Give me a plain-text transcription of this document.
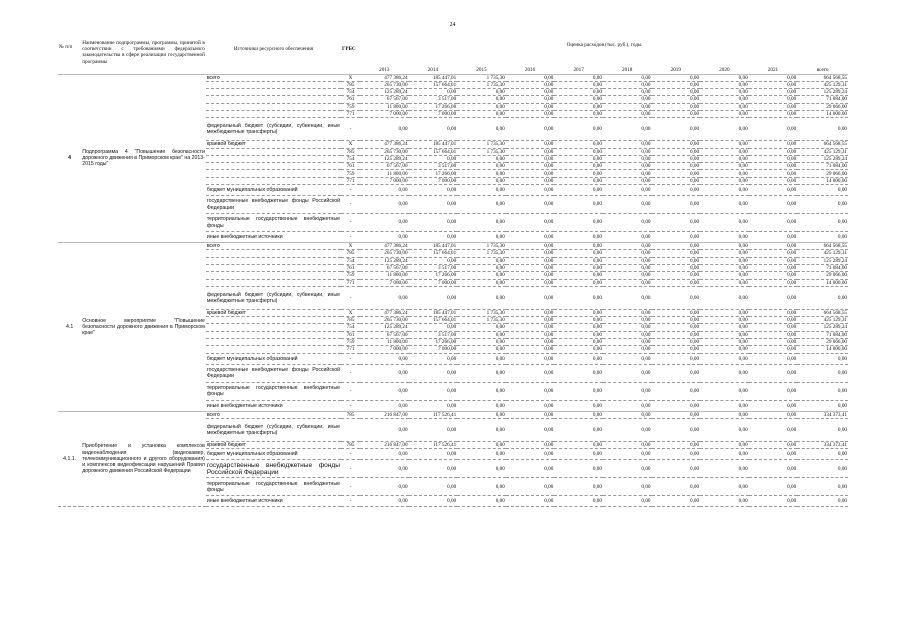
24
№ п/п	Наименование подпрограммы, программы, принятой в соответствии с требованиями федерального законодательства в сфере реализации государственной программы	Источники ресурсного обеспечения	ГРБС	Оценка расходов (тыс. руб.), годы									
				2013	2014	2015	2016	2017	2018	2019	2020	2021	всего
4	Подпрограмма 4 "Повышение безопасности дорожного движения в Приморском крае" на 2013-2015 годы"	всего	X	477 386,24	185 447,01	1 735,30	0,00	0,00	0,00	0,00	0,00	0,00	664 568,55
			785	265 730,00	157 664,01	1 735,30	0,00	0,00	0,00	0,00	0,00	0,00	425 129,31
			754	125 289,24	0,00	0,00	0,00	0,00	0,00	0,00	0,00	0,00	125 289,24
			761	67 567,00	3 517,00	0,00	0,00	0,00	0,00	0,00	0,00	0,00	71 084,00
			759	11 800,00	17 266,00	0,00	0,00	0,00	0,00	0,00	0,00	0,00	29 066,00
			771	7 000,00	7 000,00	0,00	0,00	0,00	0,00	0,00	0,00	0,00	14 000,00
		федеральный бюджет (субсидии, субвенции, иные межбюджетные трансферты)	-	0,00	0,00	0,00	0,00	0,00	0,00	0,00	0,00	0,00	0,00
		краевой бюджет	X	477 386,24	185 447,01	1 735,30	0,00	0,00	0,00	0,00	0,00	0,00	664 568,55
			785	265 730,00	157 664,01	1 735,30	0,00	0,00	0,00	0,00	0,00	0,00	425 129,31
			754	125 289,24	0,00	0,00	0,00	0,00	0,00	0,00	0,00	0,00	125 289,24
			761	67 567,00	3 517,00	0,00	0,00	0,00	0,00	0,00	0,00	0,00	71 084,00
			759	11 800,00	17 266,00	0,00	0,00	0,00	0,00	0,00	0,00	0,00	29 066,00
			771	7 000,00	7 000,00	0,00	0,00	0,00	0,00	0,00	0,00	0,00	14 000,00
		бюджет муниципальных образований	-	0,00	0,00	0,00	0,00	0,00	0,00	0,00	0,00	0,00	0,00
		государственные внебюджетные фонды Российской Федерации	-	0,00	0,00	0,00	0,00	0,00	0,00	0,00	0,00	0,00	0,00
		территориальные государственные внебюджетные фонды	-	0,00	0,00	0,00	0,00	0,00	0,00	0,00	0,00	0,00	0,00
		иные внебюджетные источники	-	0,00	0,00	0,00	0,00	0,00	0,00	0,00	0,00	0,00	0,00
4.1	Основное мероприятие "Повышение безопасности дорожного движения в Приморском крае"	всего	X	477 386,24	185 447,01	1 735,30	0,00	0,00	0,00	0,00	0,00	0,00	664 568,55
			785	265 730,00	157 664,01	1 735,30	0,00	0,00	0,00	0,00	0,00	0,00	425 129,31
			754	125 289,24	0,00	0,00	0,00	0,00	0,00	0,00	0,00	0,00	125 289,24
			761	67 567,00	3 517,00	0,00	0,00	0,00	0,00	0,00	0,00	0,00	71 084,00
			759	11 800,00	17 266,00	0,00	0,00	0,00	0,00	0,00	0,00	0,00	29 066,00
			771	7 000,00	7 000,00	0,00	0,00	0,00	0,00	0,00	0,00	0,00	14 000,00
		федеральный бюджет (субсидии, субвенции, иные межбюджетные трансферты)	-	0,00	0,00	0,00	0,00	0,00	0,00	0,00	0,00	0,00	0,00
		краевой бюджет	X	477 386,24	185 447,01	1 735,30	0,00	0,00	0,00	0,00	0,00	0,00	664 568,55
			785	265 730,00	157 664,01	1 735,30	0,00	0,00	0,00	0,00	0,00	0,00	425 129,31
			754	125 289,24	0,00	0,00	0,00	0,00	0,00	0,00	0,00	0,00	125 289,24
			761	67 567,00	3 517,00	0,00	0,00	0,00	0,00	0,00	0,00	0,00	71 084,00
			759	11 800,00	17 266,00	0,00	0,00	0,00	0,00	0,00	0,00	0,00	29 066,00
			771	7 000,00	7 000,00	0,00	0,00	0,00	0,00	0,00	0,00	0,00	14 000,00
		бюджет муниципальных образований	-	0,00	0,00	0,00	0,00	0,00	0,00	0,00	0,00	0,00	0,00
		государственные внебюджетные фонды Российской Федерации	-	0,00	0,00	0,00	0,00	0,00	0,00	0,00	0,00	0,00	0,00
		территориальные государственные внебюджетные фонды	-	0,00	0,00	0,00	0,00	0,00	0,00	0,00	0,00	0,00	0,00
		иные внебюджетные источники	-	0,00	0,00	0,00	0,00	0,00	0,00	0,00	0,00	0,00	0,00
4.1.1.	Приобретение и установка комплексов видеонаблюдения (видеокамер, телекоммуникационного и другого оборудования) и комплексов видеофиксации нарушений Правил дорожного движения Российской Федерации	всего	785	216 847,00	117 526,41	0,00	0,00	0,00	0,00	0,00	0,00	0,00	334 373,41
		федеральный бюджет (субсидии, субвенции, иные межбюджетные трансферты)		0,00	0,00	0,00	0,00	0,00	0,00	0,00	0,00	0,00	0,00
		краевой бюджет	785	216 847,00	117 526,41	0,00	0,00	0,00	0,00	0,00	0,00	0,00	334 373,41
		бюджет муниципальных образований	-	0,00	0,00	0,00	0,00	0,00	0,00	0,00	0,00	0,00	0,00
		государственные внебюджетные фонды Российской Федерации	-	0,00	0,00	0,00	0,00	0,00	0,00	0,00	0,00	0,00	0,00
		территориальные государственные внебюджетные фонды	-	0,00	0,00	0,00	0,00	0,00	0,00	0,00	0,00	0,00	0,00
		иные внебюджетные источники	-	0,00	0,00	0,00	0,00	0,00	0,00	0,00	0,00	0,00	0,00
